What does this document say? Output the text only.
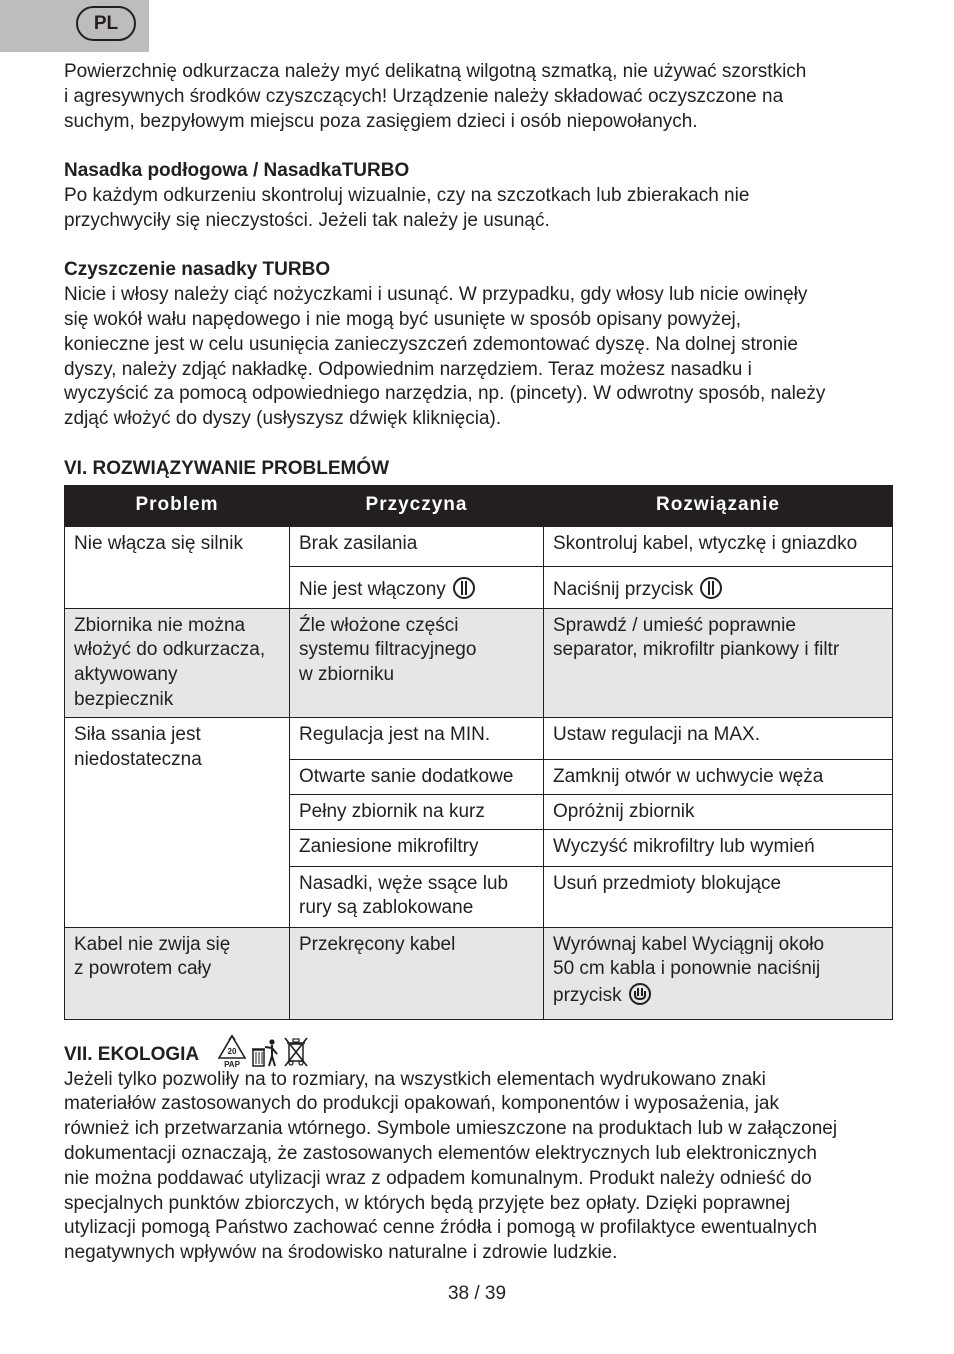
PL

Powierzchnię odkurzacza należy myć delikatną wilgotną szmatką, nie używać szorstkich
i agresywnych środków czyszczących! Urządzenie należy składować oczyszczone na
suchym, bezpyłowym miejscu poza zasięgiem dzieci i osób niepowołanych.

Nasadka podłogowa / NasadkaTURBO

Po każdym odkurzeniu skontroluj wizualnie, czy na szczotkach lub zbierakach nie
przychwyciły się nieczystości. Jeżeli tak należy je usunąć.

Czyszczenie nasadky TURBO

Nicie i włosy należy ciąć nożyczkami i usunąć. W przypadku, gdy włosy lub nicie owinęły
się wokół wału napędowego i nie mogą być usunięte w sposób opisany powyżej,
konieczne jest w celu usunięcia zanieczyszczeń zdemontować dyszę. Na dolnej stronie
dyszy, należy zdjąć nakładkę. Odpowiednim narzędziem. Teraz możesz nasadku i
wyczyścić za pomocą odpowiedniego narzędzia, np. (pincety). W odwrotny sposób, należy
zdjąć włożyć do dyszy (usłyszysz dźwięk kliknięcia).

VI. ROZWIĄZYWANIE PROBLEMÓW

Problem	Przyczyna	Rozwiązanie
Nie włącza się silnik	Brak zasilania	Skontroluj kabel, wtyczkę i gniazdko
	Nie jest włączony	Naciśnij przycisk
Zbiornika nie można
włożyć do odkurzacza,
aktywowany
bezpiecznik	Źle włożone części
systemu filtracyjnego
w zbiorniku	Sprawdź / umieść poprawnie
separator, mikrofiltr piankowy i filtr
Siła ssania jest
niedostateczna	Regulacja jest na MIN.	Ustaw regulacji na MAX.
	Otwarte sanie dodatkowe	Zamknij otwór w uchwycie węża
	Pełny zbiornik na kurz	Opróżnij zbiornik
	Zaniesione mikrofiltry	Wyczyść mikrofiltry lub wymień
	Nasadki, węże ssące lub
rury są zablokowane	Usuń przedmioty blokujące
Kabel nie zwija się
z powrotem cały	Przekręcony kabel	Wyrównaj kabel Wyciągnij około
50 cm kabla i ponownie naciśnij
przycisk
VII. EKOLOGIA	20
PAP

Jeżeli tylko pozwoliły na to rozmiary, na wszystkich elementach wydrukowano znaki
materiałów zastosowanych do produkcji opakowań, komponentów i wyposażenia, jak
również ich przetwarzania wtórnego. Symbole umieszczone na produktach lub w załączonej
dokumentacji oznaczają, że zastosowanych elementów elektrycznych lub elektronicznych
nie można poddawać utylizacji wraz z odpadem komunalnym. Produkt należy odnieść do
specjalnych punktów zbiorczych, w których będą przyjęte bez opłaty. Dzięki poprawnej
utylizacji pomogą Państwo zachować cenne źródła i pomogą w profilaktyce ewentualnych
negatywnych wpływów na środowisko naturalne i zdrowie ludzkie.

38 / 39
